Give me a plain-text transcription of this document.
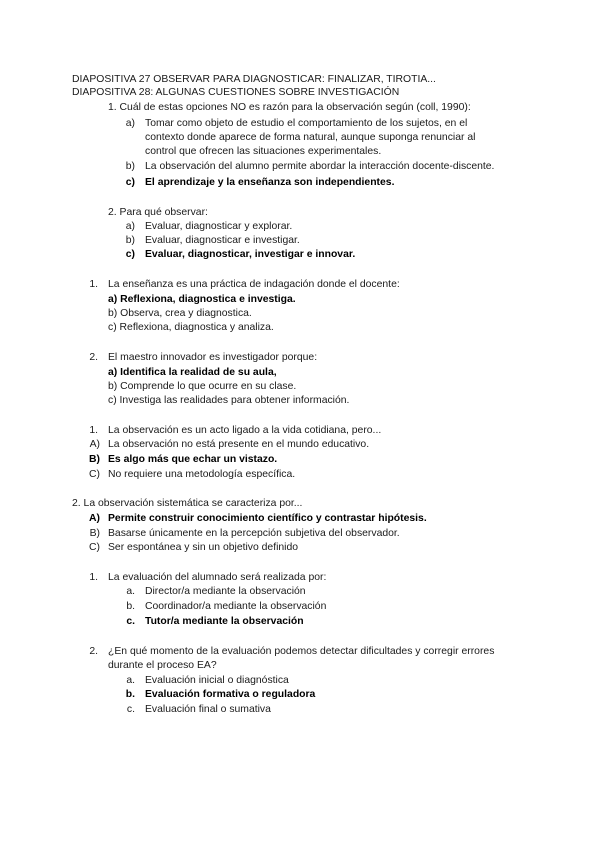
DIAPOSITIVA 27 OBSERVAR PARA DIAGNOSTICAR: FINALIZAR, TIROTIA...
DIAPOSITIVA 28: ALGUNAS CUESTIONES SOBRE INVESTIGACIÓN
1. Cuál de estas opciones NO es razón para la observación según (coll, 1990):
a) Tomar como objeto de estudio el comportamiento de los sujetos, en el
contexto donde aparece de forma natural, aunque suponga renunciar al
control que ofrecen las situaciones experimentales.
b) La observación del alumno permite abordar la interacción docente-discente.
c) El aprendizaje y la enseñanza son independientes.
2. Para qué observar:
a) Evaluar, diagnosticar y explorar.
b) Evaluar, diagnosticar e investigar.
c) Evaluar, diagnosticar, investigar e innovar.
1. La enseñanza es una práctica de indagación donde el docente:
a) Reflexiona, diagnostica e investiga.
b) Observa, crea y diagnostica.
c) Reflexiona, diagnostica y analiza.
2. El maestro innovador es investigador porque:
a) Identifica la realidad de su aula,
b) Comprende lo que ocurre en su clase.
c) Investiga las realidades para obtener información.
1. La observación es un acto ligado a la vida cotidiana, pero...
A) La observación no está presente en el mundo educativo.
B) Es algo más que echar un vistazo.
C) No requiere una metodología específica.
2. La observación sistemática se caracteriza por...
A) Permite construir conocimiento científico y contrastar hipótesis.
B) Basarse únicamente en la percepción subjetiva del observador.
C) Ser espontánea y sin un objetivo definido
1. La evaluación del alumnado será realizada por:
a. Director/a mediante la observación
b. Coordinador/a mediante la observación
c. Tutor/a mediante la observación
2. ¿En qué momento de la evaluación podemos detectar dificultades y corregir errores
durante el proceso EA?
a. Evaluación inicial o diagnóstica
b. Evaluación formativa o reguladora
c. Evaluación final o sumativa
